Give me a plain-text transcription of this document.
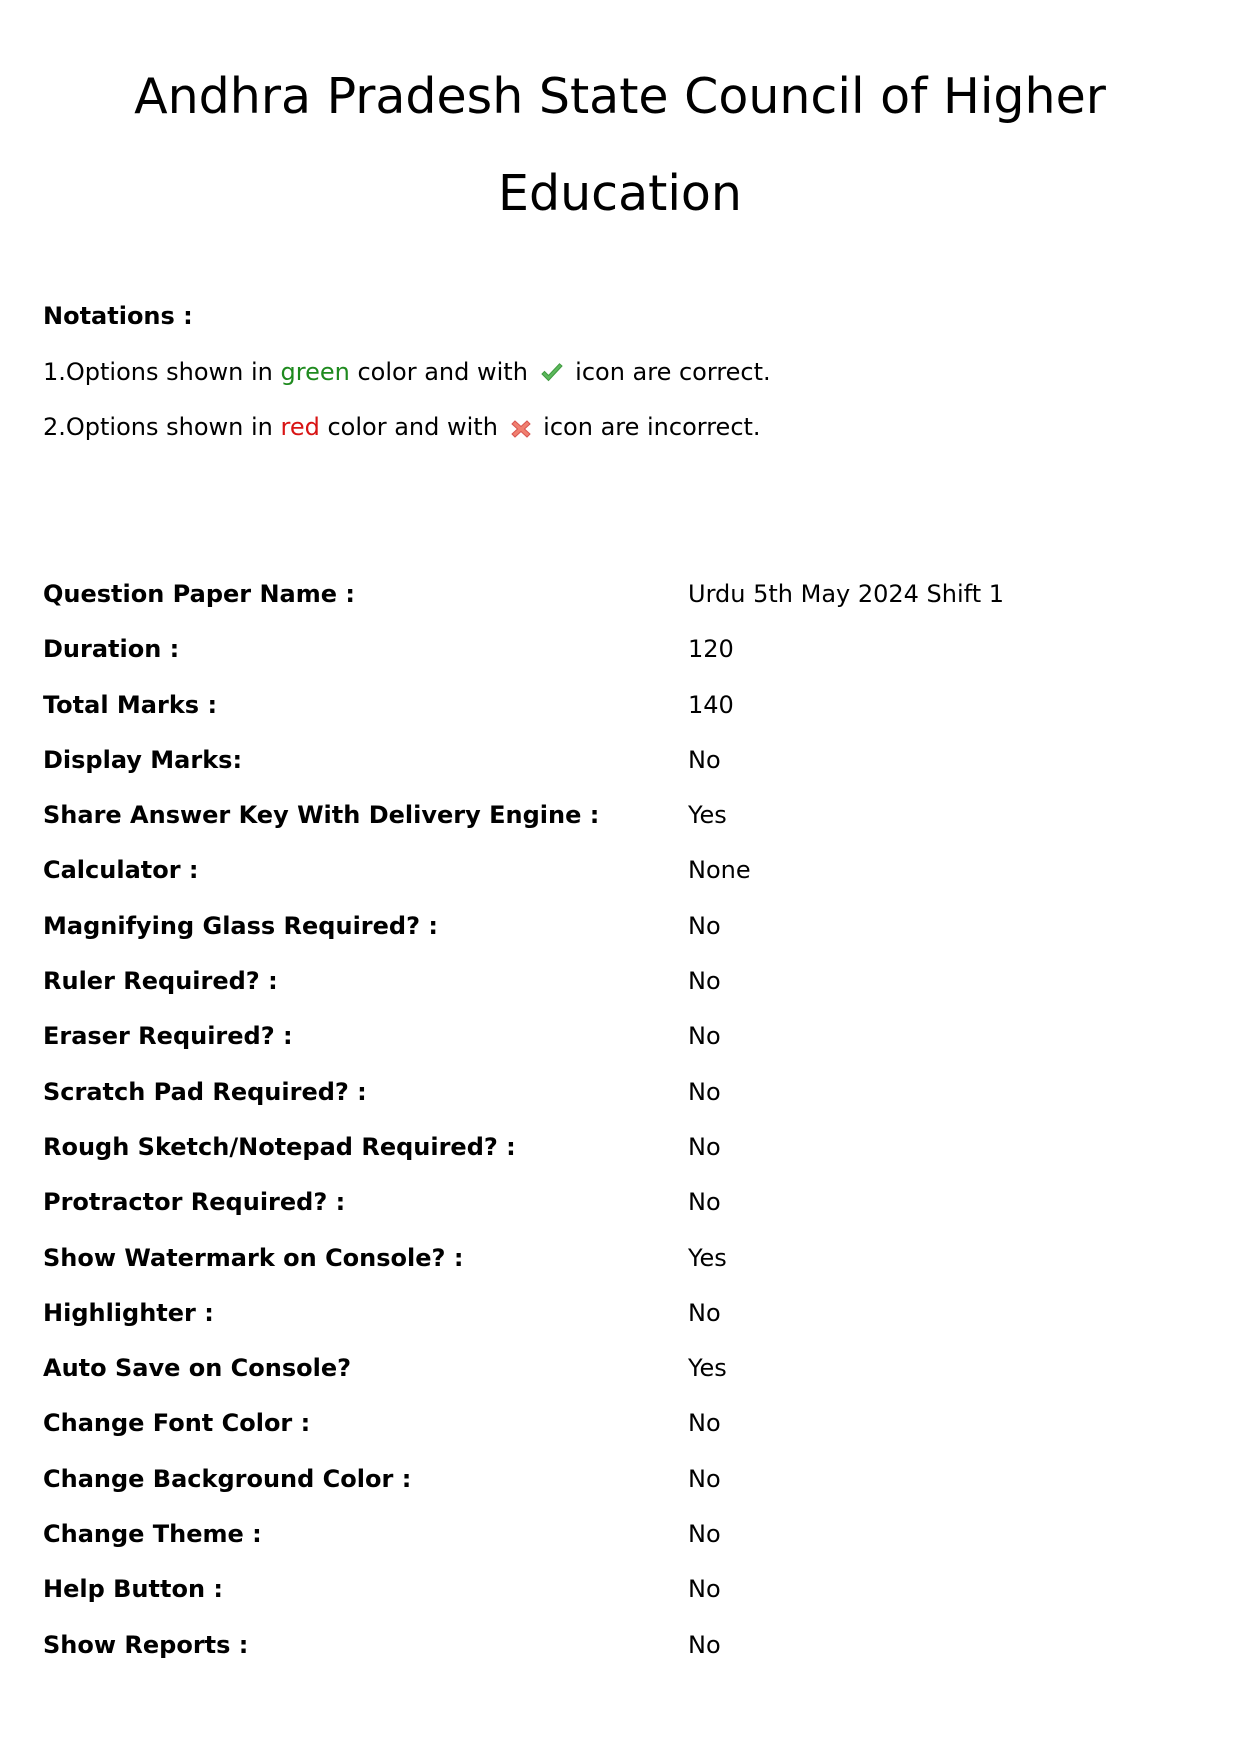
Andhra Pradesh State Council of Higher
Education

Notations :

1.Options shown in green color and with  icon are correct.

2.Options shown in red color and with  icon are incorrect.

Question Paper Name :	Urdu 5th May 2024 Shift 1
Duration :	120
Total Marks :	140
Display Marks:	No
Share Answer Key With Delivery Engine :	Yes
Calculator :	None
Magnifying Glass Required? :	No
Ruler Required? :	No
Eraser Required? :	No
Scratch Pad Required? :	No
Rough Sketch/Notepad Required? :	No
Protractor Required? :	No
Show Watermark on Console? :	Yes
Highlighter :	No
Auto Save on Console?	Yes
Change Font Color :	No
Change Background Color :	No
Change Theme :	No
Help Button :	No
Show Reports :	No
